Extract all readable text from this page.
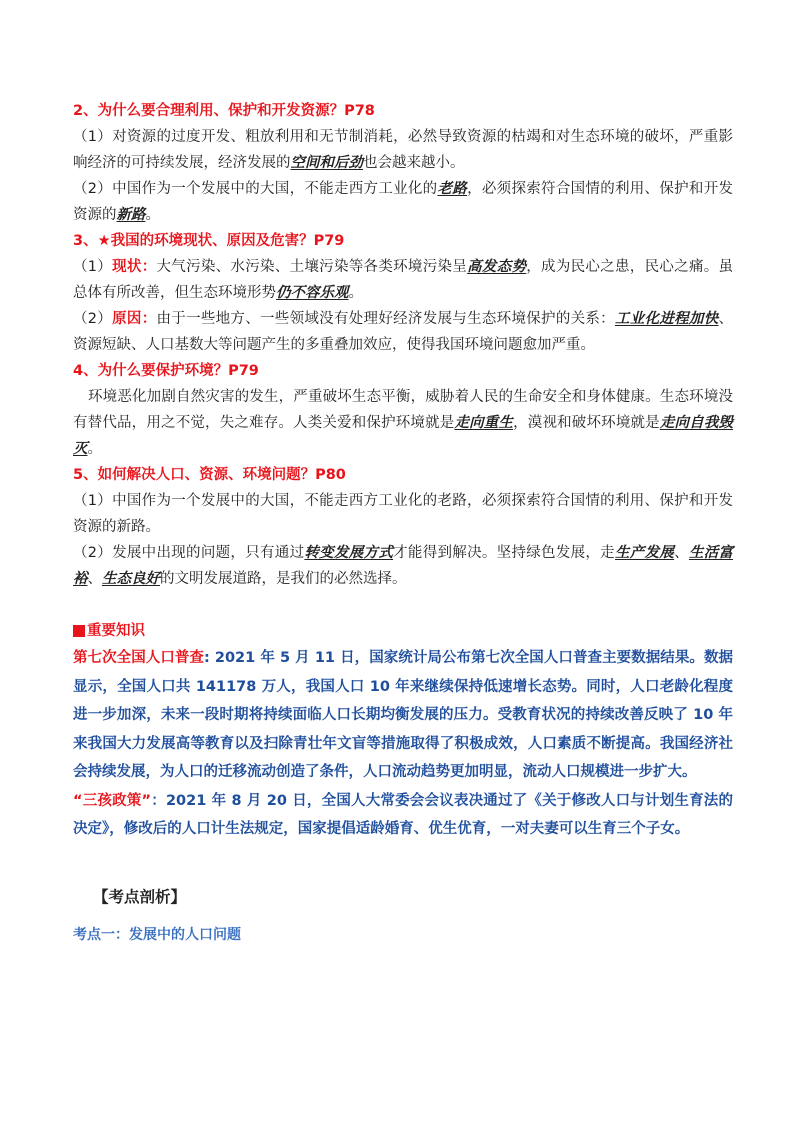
2、为什么要合理利用、保护和开发资源？P78
（1）对资源的过度开发、粗放利用和无节制消耗，必然导致资源的枯竭和对生态环境的破坏，严重影响经济的可持续发展，经济发展的空间和后劲也会越来越小。
（2）中国作为一个发展中的大国，不能走西方工业化的老路，必须探索符合国情的利用、保护和开发资源的新路。
3、★我国的环境现状、原因及危害？P79
（1）现状：大气污染、水污染、土壤污染等各类环境污染呈高发态势，成为民心之患，民心之痛。虽总体有所改善，但生态环境形势仍不容乐观。
（2）原因：由于一些地方、一些领域没有处理好经济发展与生态环境保护的关系：工业化进程加快、资源短缺、人口基数大等问题产生的多重叠加效应，使得我国环境问题愈加严重。
4、为什么要保护环境？P79
环境恶化加剧自然灾害的发生，严重破坏生态平衡，威胁着人民的生命安全和身体健康。生态环境没有替代品，用之不觉，失之难存。人类关爱和保护环境就是走向重生，漠视和破坏环境就是走向自我毁灭。
5、如何解决人口、资源、环境问题？P80
（1）中国作为一个发展中的大国，不能走西方工业化的老路，必须探索符合国情的利用、保护和开发资源的新路。
（2）发展中出现的问题，只有通过转变发展方式才能得到解决。坚持绿色发展，走生产发展、生活富裕、生态良好的文明发展道路，是我们的必然选择。
重要知识
第七次全国人口普查: 2021 年 5 月 11 日，国家统计局公布第七次全国人口普查主要数据结果。数据显示，全国人口共 141178 万人，我国人口 10 年来继续保持低速增长态势。同时，人口老龄化程度进一步加深，未来一段时期将持续面临人口长期均衡发展的压力。受教育状况的持续改善反映了 10 年来我国大力发展高等教育以及扫除青壮年文盲等措施取得了积极成效，人口素质不断提高。我国经济社会持续发展，为人口的迁移流动创造了条件，人口流动趋势更加明显，流动人口规模进一步扩大。
“三孩政策”：2021 年 8 月 20 日，全国人大常委会会议表决通过了《关于修改人口与计划生育法的决定》，修改后的人口计生法规定，国家提倡适龄婚育、优生优育，一对夫妻可以生育三个子女。
【考点剖析】
考点一：发展中的人口问题
